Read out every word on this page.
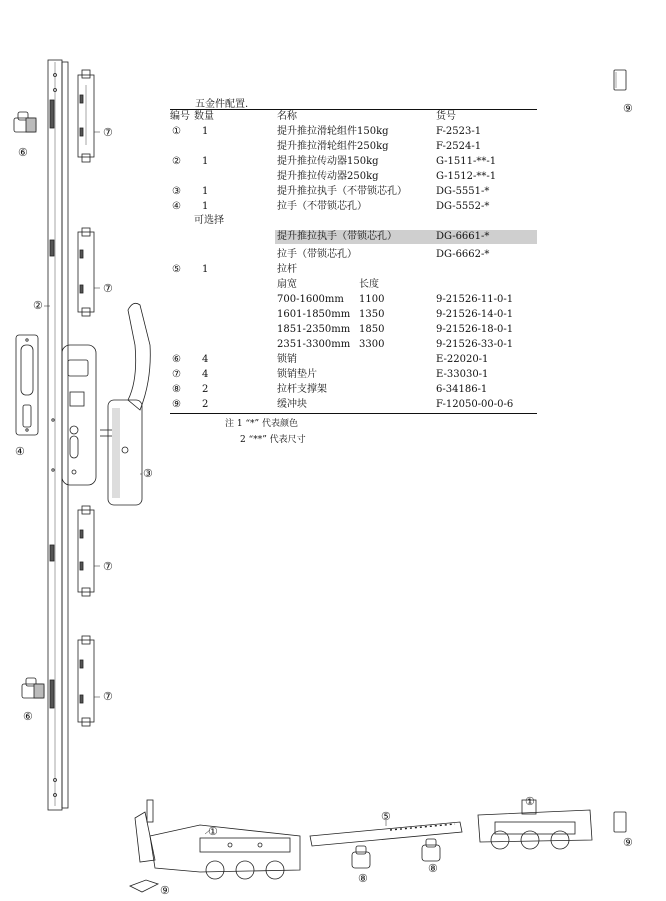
五金件配置.
编号 数量	名称	货号
① 1	提升推拉滑轮组件150kg	F-2523-1
提升推拉滑轮组件250kg	F-2524-1
② 1	提升推拉传动器150kg	G-1511-**-1
提升推拉传动器250kg	G-1512-**-1
③ 1	提升推拉执手（不带锁芯孔）	DG-5551-*
④ 1	拉手（不带锁芯孔）	DG-5552-*
可选择
提升推拉执手（带锁芯孔）	DG-6661-*
拉手（带锁芯孔）	DG-6662-*
⑤ 1	拉杆
扇宽	长度
700-1600mm 1100	9-21526-11-0-1
1601-1850mm 1350	9-21526-14-0-1
1851-2350mm 1850	9-21526-18-0-1
2351-3300mm 3300	9-21526-33-0-1
⑥ 4	锁销	E-22020-1
⑦ 4	锁销垫片	E-33030-1
⑧ 2	拉杆支撑架	6-34186-1
⑨ 2	缓冲块	F-12050-00-0-6
注 1 “*” 代表颜色
2 “**” 代表尺寸
⑦
⑦
⑦
⑦
⑥
⑥
②
④
③
⑨
⑨
⑨
①
①
⑤
⑧
⑧
